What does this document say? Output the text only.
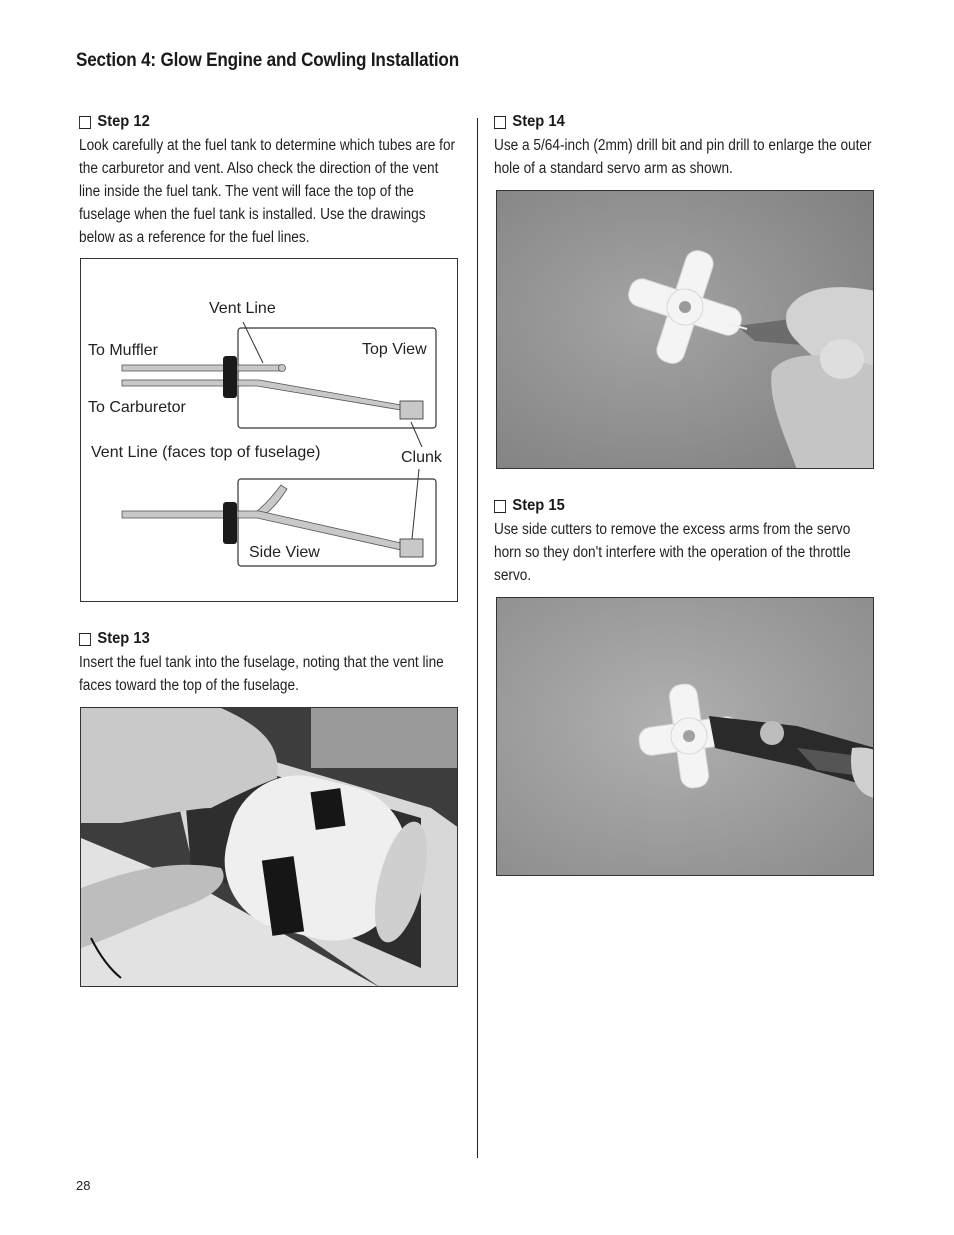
Section 4: Glow Engine and Cowling Installation
Step 12

Look carefully at the fuel tank to determine which tubes are for the carburetor and vent. Also check the direction of the vent line inside the fuel tank. The vent will face the top of the fuselage when the fuel tank is installed. Use the drawings below as a reference for the fuel lines.

Vent Line
To Muffler	Top View
To Carburetor
Vent Line (faces top of fuselage)	Clunk
Side View
Step 13

Insert the fuel tank into the fuselage, noting that the vent line faces toward the top of the fuselage.

Step 14

Use a 5/64-inch (2mm) drill bit and pin drill to enlarge the outer hole of a standard servo arm as shown.

Step 15

Use side cutters to remove the excess arms from the servo horn so they don't interfere with the operation of the throttle servo.

28
